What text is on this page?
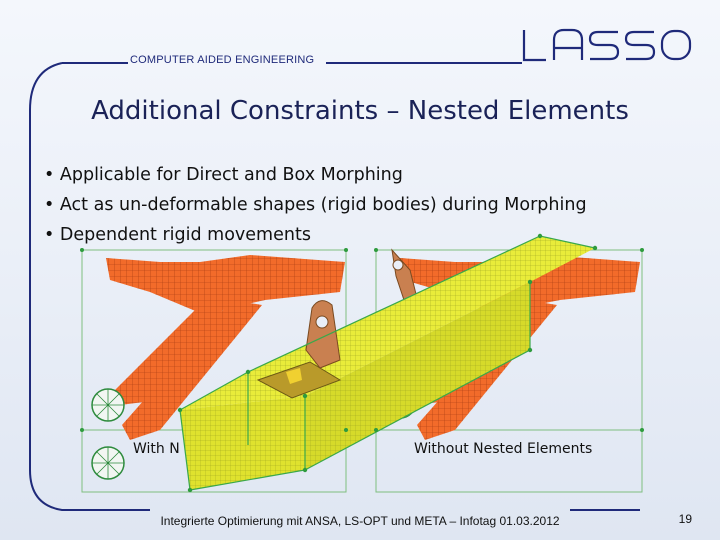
COMPUTER AIDED ENGINEERING
Additional Constraints – Nested Elements
• Applicable for Direct and Box Morphing
• Act as un-deformable shapes (rigid bodies) during Morphing
• Dependent rigid movements
With N	Without Nested Elements
Integrierte Optimierung mit ANSA, LS-OPT und META – Infotag 01.03.2012	19
